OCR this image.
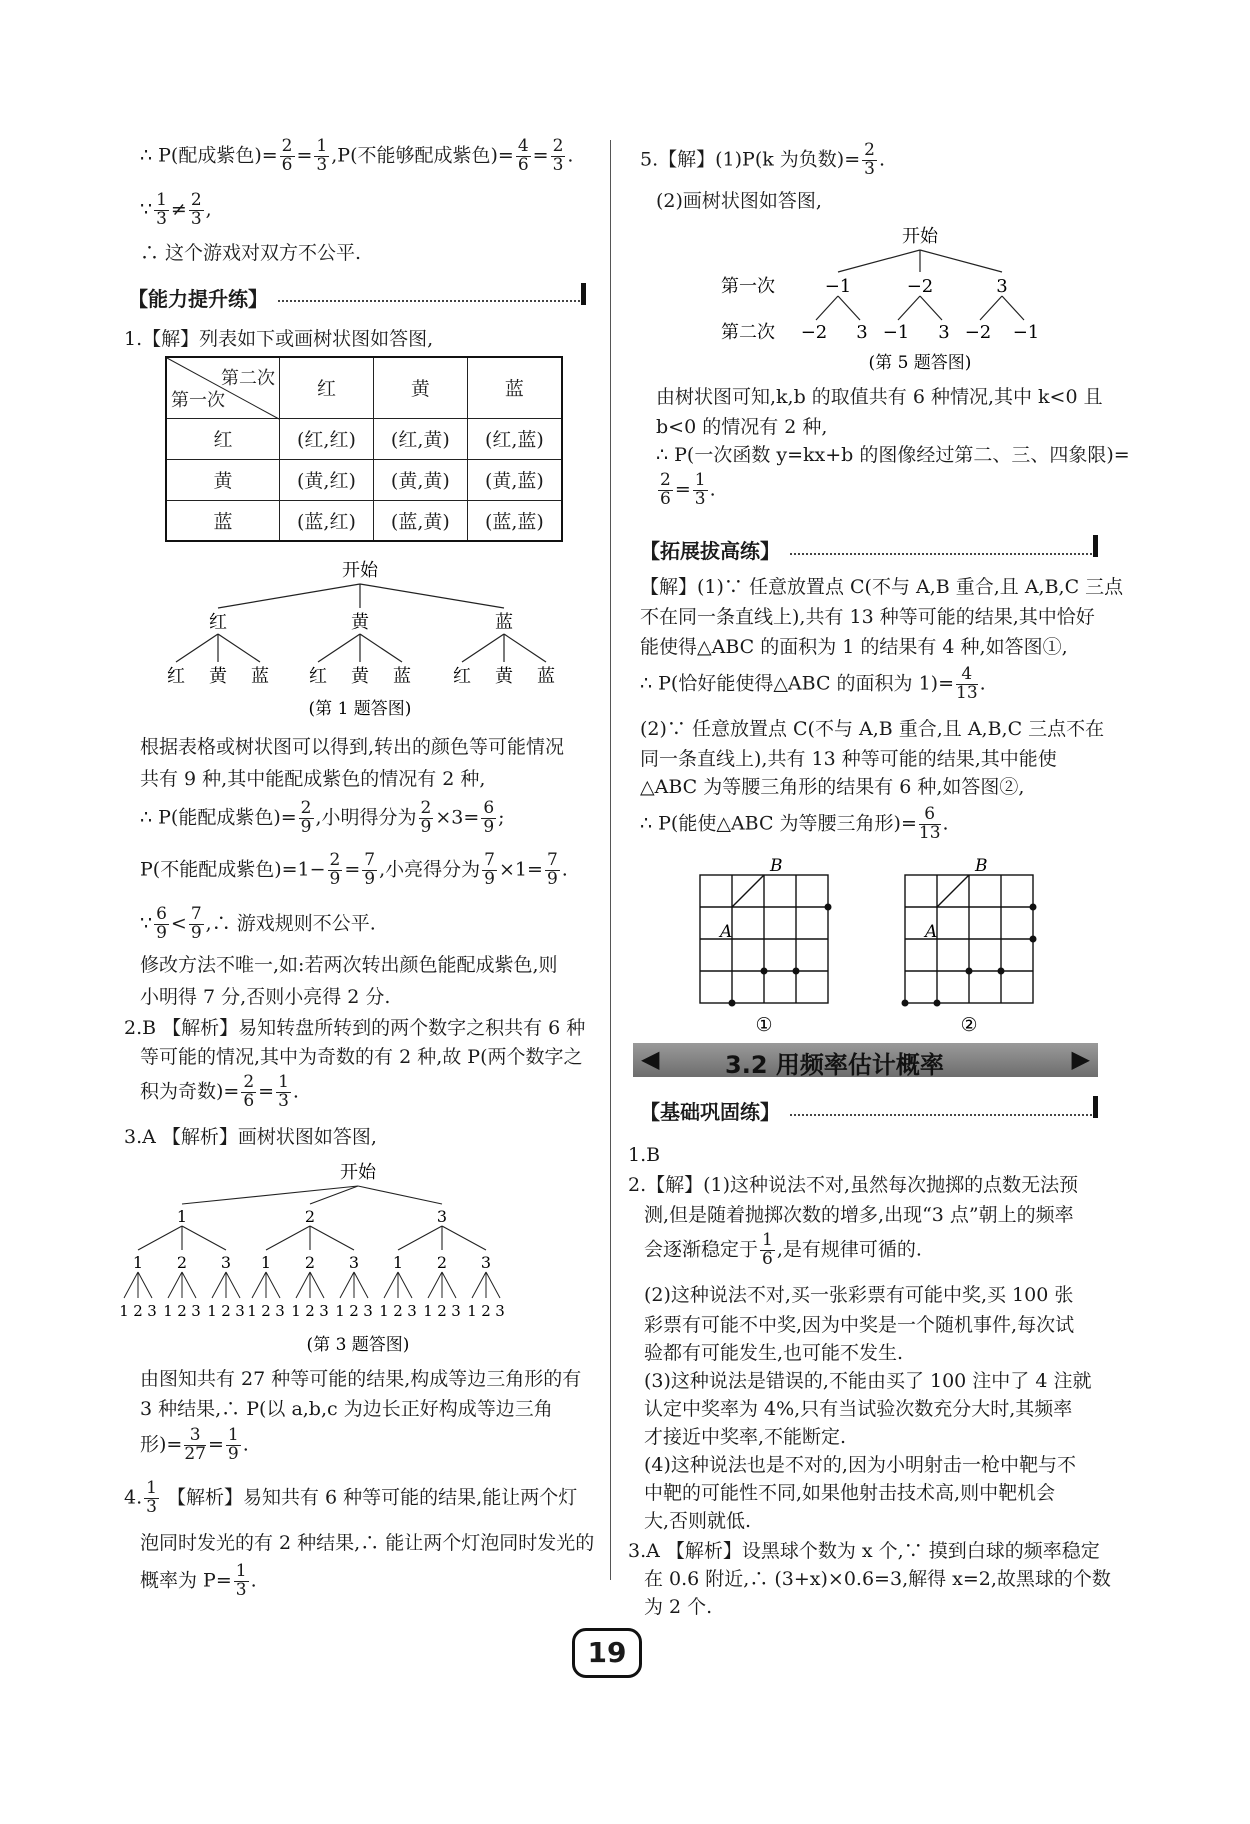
∴ P(配成紫色)= $\frac{2}{6} = \frac{1}{3} ,P$(不能够配成紫色)= $\frac{4}{6} = \frac{2}{3}$ .
∵ $\frac{1}{3} \ne \frac{2}{3}$ ,
∴ 这个游戏对双方不公平.
【能力提升练】
1.【解】列表如下或画树状图如答图,
第二次
第一次	红	黄	蓝
红	(红,红)	(红,黄)	(红,蓝)
黄	(黄,红)	(黄,黄)	(黄,蓝)
蓝	(蓝,红)	(蓝,黄)	(蓝,蓝)
开始
红	黄	蓝
红 黄 蓝 红 黄 蓝 红 黄 蓝
(第 1 题答图)
根据表格或树状图可以得到,转出的颜色等可能情况
共有 9 种,其中能配成紫色的情况有 2 种,
∴ P(能配成紫色)= $\frac{2}{9}$ ,小明得分为 $\frac{2}{9} \times 3= \frac{6}{9}$ ;
P(不能配成紫色)$=1- \frac{2}{9} = \frac{7}{9}$ ,小亮得分为 $\frac{7}{9} \times 1= \frac{7}{9}$ .
∵ $\frac{6}{9} < \frac{7}{9}$ ,∴ 游戏规则不公平.
修改方法不唯一,如:若两次转出颜色能配成紫色,则
小明得 7 分,否则小亮得 2 分.
2.B 【解析】易知转盘所转到的两个数字之积共有 6 种
等可能的情况,其中为奇数的有 2 种,故 P(两个数字之
积为奇数)= $\frac{2}{6} = \frac{1}{3}$ .
3.A 【解析】画树状图如答图,
开始
(第 3 题答图)
1
1
1 2 3
2
1 2 3
3
1 2 3
2
1
1 2 3
2
1 2 3
3
1 2 3
3
1
1 2 3
2
1 2 3
3
1 2 3
由图知共有 27 种等可能的结果,构成等边三角形的有
3 种结果,∴ P(以 a,b,c 为边长正好构成等边三角
形)= $\frac{3}{27} = \frac{1}{9}$ .
4. $\frac{1}{3}$ 【解析】易知共有 6 种等可能的结果,能让两个灯
泡同时发光的有 2 种结果,∴ 能让两个灯泡同时发光的
概率为 $P= \frac{1}{3}$ .
5.【解】(1)P(k 为负数)= $\frac{2}{3}$ .
(2)画树状图如答图,
开始
第一次
第二次
−1	−2	3
−2 3 −1 3 −2 −1
(第 5 题答图)
由树状图可知,k,b 的取值共有 6 种情况,其中 k<0 且
b<0 的情况有 2 种,
∴ P(一次函数 y=kx+b 的图像经过第二、三、四象限)=
$\frac{2}{6} = \frac{1}{3}$ .
【拓展拔高练】
【解】(1)∵ 任意放置点 C(不与 A,B 重合,且 A,B,C 三点
不在同一条直线上),共有 13 种等可能的结果,其中恰好
能使得△ABC 的面积为 1 的结果有 4 种,如答图①,
∴ P(恰好能使得△ABC 的面积为 $1)= \frac{4}{13}$ .
(2)∵ 任意放置点 C(不与 A,B 重合,且 A,B,C 三点不在
同一条直线上),共有 13 种等可能的结果,其中能使
△ABC 为等腰三角形的结果有 6 种,如答图②,
∴ P(能使△ABC 为等腰三角形)= $\frac{6}{13}$ .
A
B
A
B
①	②
◀	3.2 用频率估计概率	▶
【基础巩固练】
1.B
2.【解】(1)这种说法不对,虽然每次抛掷的点数无法预
测,但是随着抛掷次数的增多,出现“3 点”朝上的频率
会逐渐稳定于 $\frac{1}{6}$ ,是有规律可循的.
(2)这种说法不对,买一张彩票有可能中奖,买 100 张
彩票有可能不中奖,因为中奖是一个随机事件,每次试
验都有可能发生,也可能不发生.
(3)这种说法是错误的,不能由买了 100 注中了 4 注就
认定中奖率为 4%,只有当试验次数充分大时,其频率
才接近中奖率,不能断定.
(4)这种说法也是不对的,因为小明射击一枪中靶与不
中靶的可能性不同,如果他射击技术高,则中靶机会
大,否则就低.
3.A 【解析】设黑球个数为 x 个,∵ 摸到白球的频率稳定
在 0.6 附近,∴ (3+x)×0.6=3,解得 x=2,故黑球的个数
为 2 个.
19
